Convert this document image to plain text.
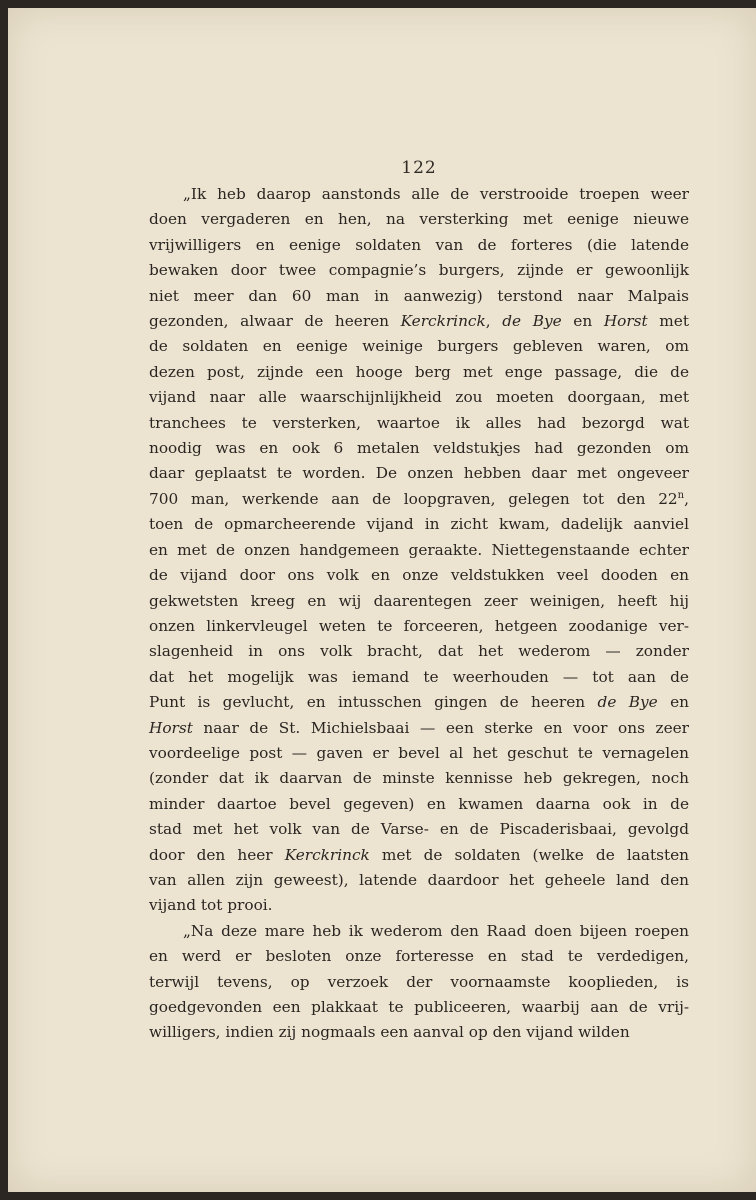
122
„Ik heb daarop aanstonds alle de verstrooide troepen weer
doen vergaderen en hen, na versterking met eenige nieuwe
vrijwilligers en eenige soldaten van de forteres (die latende
bewaken door twee compagnie’s burgers, zijnde er gewoonlijk
niet meer dan 60 man in aanwezig) terstond naar Malpais
gezonden, alwaar de heeren Kerckrinck, de Bye en Horst met
de soldaten en eenige weinige burgers gebleven waren, om
dezen post, zijnde een hooge berg met enge passage, die de
vijand naar alle waarschijnlijkheid zou moeten doorgaan, met
tranchees te versterken, waartoe ik alles had bezorgd wat
noodig was en ook 6 metalen veldstukjes had gezonden om
daar geplaatst te worden. De onzen hebben daar met ongeveer
700 man, werkende aan de loopgraven, gelegen tot den 22$^n$,
toen de opmarcheerende vijand in zicht kwam, dadelijk aanviel
en met de onzen handgemeen geraakte. Niettegenstaande echter
de vijand door ons volk en onze veldstukken veel dooden en
gekwetsten kreeg en wij daarentegen zeer weinigen, heeft hij
onzen linkervleugel weten te forceeren, hetgeen zoodanige ver-
slagenheid in ons volk bracht, dat het wederom — zonder
dat het mogelijk was iemand te weerhouden — tot aan de
Punt is gevlucht, en intusschen gingen de heeren de Bye en
Horst naar de St. Michielsbaai — een sterke en voor ons zeer
voordeelige post — gaven er bevel al het geschut te vernagelen
(zonder dat ik daarvan de minste kennisse heb gekregen, noch
minder daartoe bevel gegeven) en kwamen daarna ook in de
stad met het volk van de Varse- en de Piscaderisbaai, gevolgd
door den heer Kerckrinck met de soldaten (welke de laatsten
van allen zijn geweest), latende daardoor het geheele land den
vijand tot prooi.
„Na deze mare heb ik wederom den Raad doen bijeen roepen
en werd er besloten onze forteresse en stad te verdedigen,
terwijl tevens, op verzoek der voornaamste kooplieden, is
goedgevonden een plakkaat te publiceeren, waarbij aan de vrij-
willigers, indien zij nogmaals een aanval op den vijand wilden
